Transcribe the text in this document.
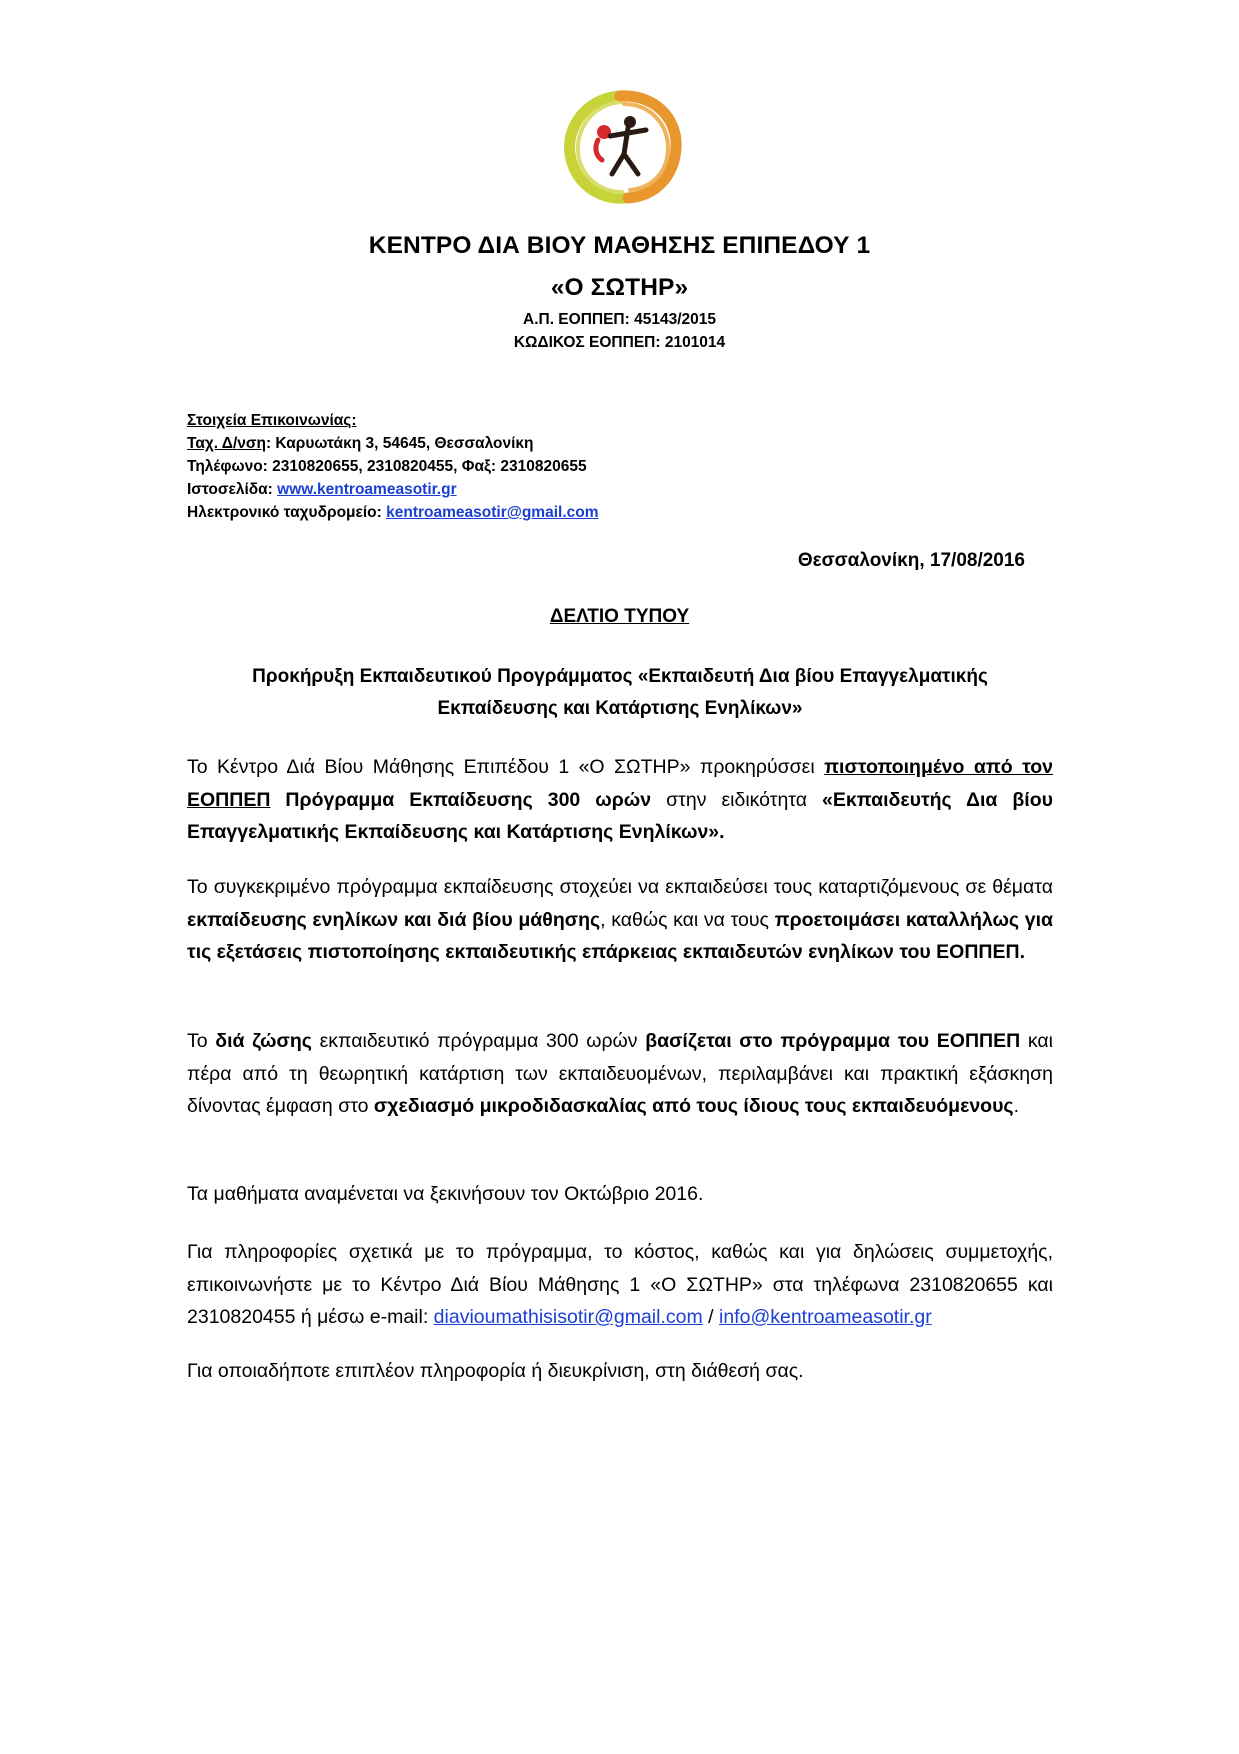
ΚΕΝΤΡΟ ΔΙΑ ΒΙΟΥ ΜΑΘΗΣΗΣ ΕΠΙΠΕΔΟΥ 1
«Ο ΣΩΤΗΡ»
Α.Π. ΕΟΠΠΕΠ: 45143/2015
ΚΩΔΙΚΟΣ ΕΟΠΠΕΠ: 2101014
Στοιχεία Επικοινωνίας:
Ταχ. Δ/νση: Καρυωτάκη 3, 54645, Θεσσαλονίκη
Τηλέφωνο: 2310820655, 2310820455, Φαξ: 2310820655
Ιστοσελίδα: www.kentroameasotir.gr
Ηλεκτρονικό ταχυδρομείο: kentroameasotir@gmail.com
Θεσσαλονίκη, 17/08/2016
ΔΕΛΤΙΟ ΤΥΠΟΥ
Προκήρυξη Εκπαιδευτικού Προγράμματος «Εκπαιδευτή Δια βίου Επαγγελματικής Εκπαίδευσης και Κατάρτισης Ενηλίκων»
Το Κέντρο Διά Βίου Μάθησης Επιπέδου 1 «Ο ΣΩΤΗΡ» προκηρύσσει πιστοποιημένο από τον ΕΟΠΠΕΠ Πρόγραμμα Εκπαίδευσης 300 ωρών στην ειδικότητα «Εκπαιδευτής Δια βίου Επαγγελματικής Εκπαίδευσης και Κατάρτισης Ενηλίκων».
Το συγκεκριμένο πρόγραμμα εκπαίδευσης στοχεύει να εκπαιδεύσει τους καταρτιζόμενους σε θέματα εκπαίδευσης ενηλίκων και διά βίου μάθησης, καθώς και να τους προετοιμάσει καταλλήλως για τις εξετάσεις πιστοποίησης εκπαιδευτικής επάρκειας εκπαιδευτών ενηλίκων του ΕΟΠΠΕΠ.
Το διά ζώσης εκπαιδευτικό πρόγραμμα 300 ωρών βασίζεται στο πρόγραμμα του ΕΟΠΠΕΠ και πέρα από τη θεωρητική κατάρτιση των εκπαιδευομένων, περιλαμβάνει και πρακτική εξάσκηση δίνοντας έμφαση στο σχεδιασμό μικροδιδασκαλίας από τους ίδιους τους εκπαιδευόμενους.
Τα μαθήματα αναμένεται να ξεκινήσουν τον Οκτώβριο 2016.
Για πληροφορίες σχετικά με το πρόγραμμα, το κόστος, καθώς και για δηλώσεις συμμετοχής, επικοινωνήστε με το Κέντρο Διά Βίου Μάθησης 1 «Ο ΣΩΤΗΡ» στα τηλέφωνα 2310820655 και 2310820455 ή μέσω e-mail: diavioumathisisotir@gmail.com / info@kentroameasotir.gr
Για οποιαδήποτε επιπλέον πληροφορία ή διευκρίνιση, στη διάθεσή σας.
